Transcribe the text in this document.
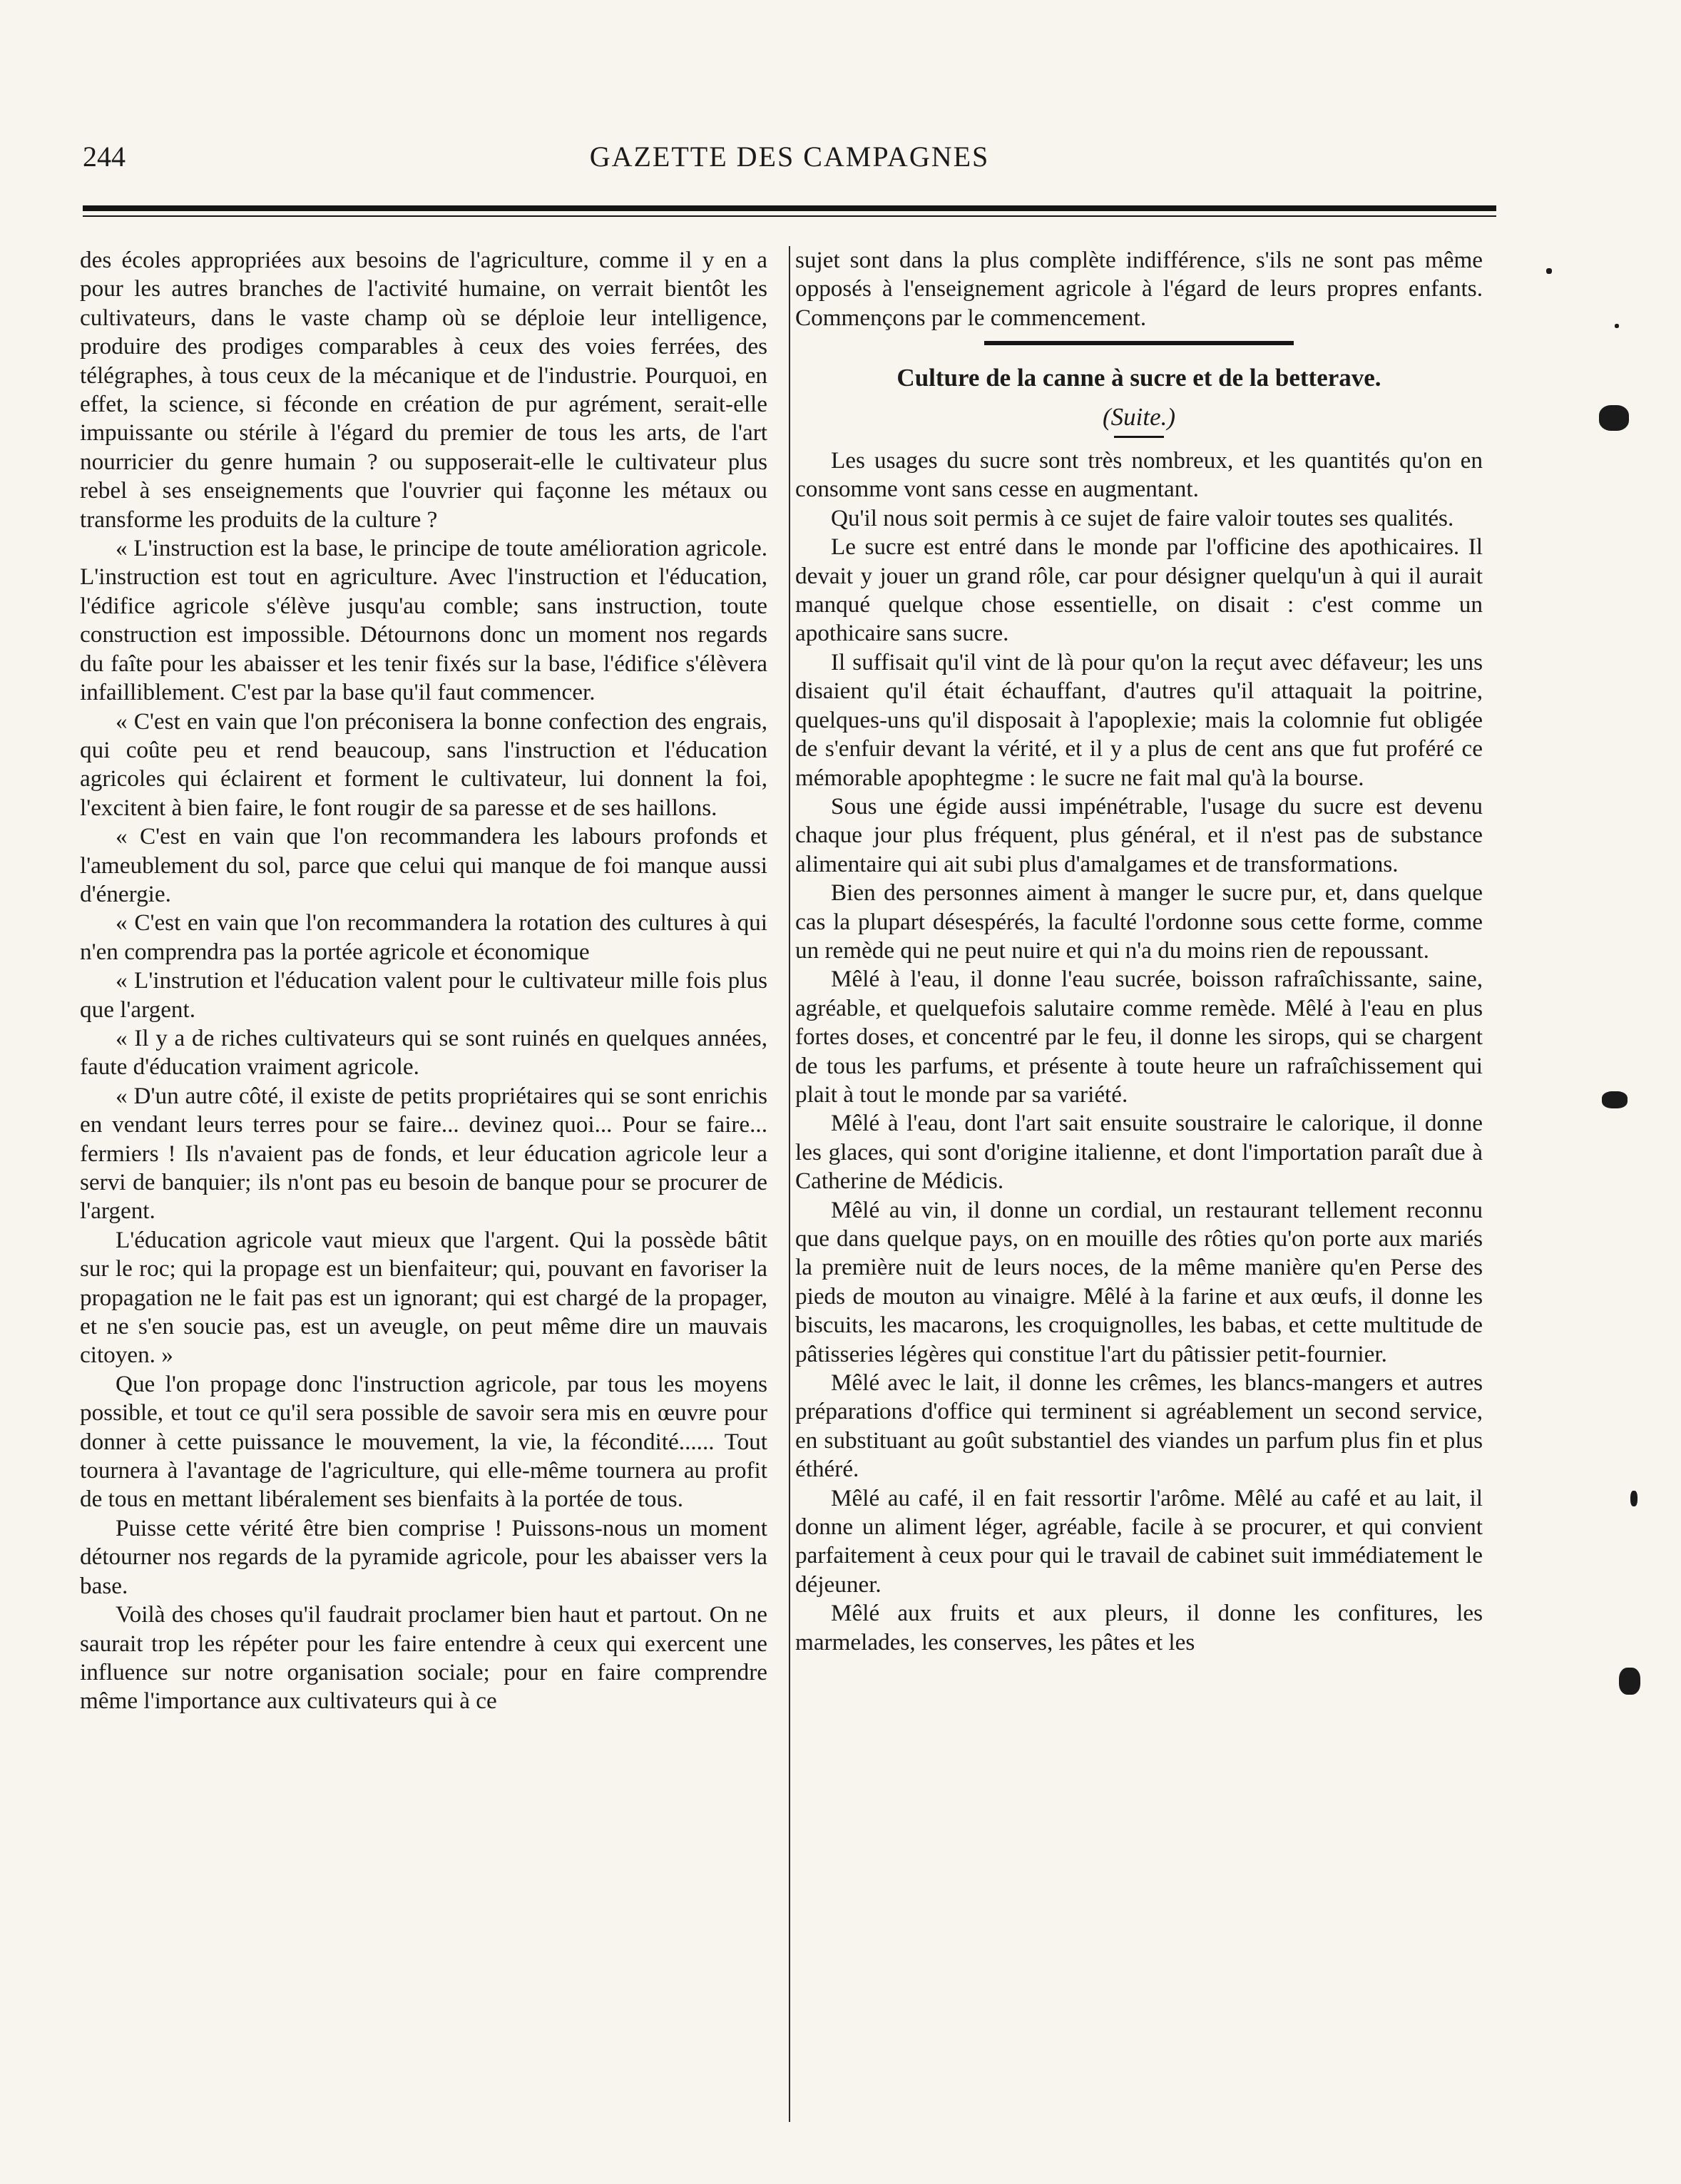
244	GAZETTE DES CAMPAGNES

des écoles appropriées aux besoins de l'agriculture, comme il y en a pour les autres branches de l'activité humaine, on verrait bientôt les cultivateurs, dans le vaste champ où se déploie leur intelligence, produire des prodiges comparables à ceux des voies ferrées, des télégraphes, à tous ceux de la mécanique et de l'industrie. Pourquoi, en effet, la science, si féconde en création de pur agrément, serait-elle impuissante ou stérile à l'égard du premier de tous les arts, de l'art nourricier du genre humain ? ou supposerait-elle le cultivateur plus rebel à ses enseignements que l'ouvrier qui façonne les métaux ou transforme les produits de la culture ?

« L'instruction est la base, le principe de toute amélioration agricole. L'instruction est tout en agriculture. Avec l'instruction et l'éducation, l'édifice agricole s'élève jusqu'au comble; sans instruction, toute construction est impossible. Détournons donc un moment nos regards du faîte pour les abaisser et les tenir fixés sur la base, l'édifice s'élèvera infailliblement. C'est par la base qu'il faut commencer.

« C'est en vain que l'on préconisera la bonne confection des engrais, qui coûte peu et rend beaucoup, sans l'instruction et l'éducation agricoles qui éclairent et forment le cultivateur, lui donnent la foi, l'excitent à bien faire, le font rougir de sa paresse et de ses haillons.

« C'est en vain que l'on recommandera les labours profonds et l'ameublement du sol, parce que celui qui manque de foi manque aussi d'énergie.

« C'est en vain que l'on recommandera la rotation des cultures à qui n'en comprendra pas la portée agricole et économique

« L'instrution et l'éducation valent pour le cultivateur mille fois plus que l'argent.

« Il y a de riches cultivateurs qui se sont ruinés en quelques années, faute d'éducation vraiment agricole.

« D'un autre côté, il existe de petits propriétaires qui se sont enrichis en vendant leurs terres pour se faire... devinez quoi... Pour se faire... fermiers ! Ils n'avaient pas de fonds, et leur éducation agricole leur a servi de banquier; ils n'ont pas eu besoin de banque pour se procurer de l'argent.

L'éducation agricole vaut mieux que l'argent. Qui la possède bâtit sur le roc; qui la propage est un bienfaiteur; qui, pouvant en favoriser la propagation ne le fait pas est un ignorant; qui est chargé de la propager, et ne s'en soucie pas, est un aveugle, on peut même dire un mauvais citoyen. »

Que l'on propage donc l'instruction agricole, par tous les moyens possible, et tout ce qu'il sera possible de savoir sera mis en œuvre pour donner à cette puissance le mouvement, la vie, la fécondité...... Tout tournera à l'avantage de l'agriculture, qui elle-même tournera au profit de tous en mettant libéralement ses bienfaits à la portée de tous.

Puisse cette vérité être bien comprise ! Puissons-nous un moment détourner nos regards de la pyramide agricole, pour les abaisser vers la base.

Voilà des choses qu'il faudrait proclamer bien haut et partout. On ne saurait trop les répéter pour les faire entendre à ceux qui exercent une influence sur notre organisation sociale; pour en faire comprendre même l'importance aux cultivateurs qui à ce

sujet sont dans la plus complète indifférence, s'ils ne sont pas même opposés à l'enseignement agricole à l'égard de leurs propres enfants. Commençons par le commencement.

Culture de la canne à sucre et de la betterave.
(Suite.)

Les usages du sucre sont très nombreux, et les quantités qu'on en consomme vont sans cesse en augmentant.

Qu'il nous soit permis à ce sujet de faire valoir toutes ses qualités.

Le sucre est entré dans le monde par l'officine des apothicaires. Il devait y jouer un grand rôle, car pour désigner quelqu'un à qui il aurait manqué quelque chose essentielle, on disait : c'est comme un apothicaire sans sucre.

Il suffisait qu'il vint de là pour qu'on la reçut avec défaveur; les uns disaient qu'il était échauffant, d'autres qu'il attaquait la poitrine, quelques-uns qu'il disposait à l'apoplexie; mais la colomnie fut obligée de s'enfuir devant la vérité, et il y a plus de cent ans que fut proféré ce mémorable apophtegme : le sucre ne fait mal qu'à la bourse.

Sous une égide aussi impénétrable, l'usage du sucre est devenu chaque jour plus fréquent, plus général, et il n'est pas de substance alimentaire qui ait subi plus d'amalgames et de transformations.

Bien des personnes aiment à manger le sucre pur, et, dans quelque cas la plupart désespérés, la faculté l'ordonne sous cette forme, comme un remède qui ne peut nuire et qui n'a du moins rien de repoussant.

Mêlé à l'eau, il donne l'eau sucrée, boisson rafraîchissante, saine, agréable, et quelquefois salutaire comme remède. Mêlé à l'eau en plus fortes doses, et concentré par le feu, il donne les sirops, qui se chargent de tous les parfums, et présente à toute heure un rafraîchissement qui plait à tout le monde par sa variété.

Mêlé à l'eau, dont l'art sait ensuite soustraire le calorique, il donne les glaces, qui sont d'origine italienne, et dont l'importation paraît due à Catherine de Médicis.

Mêlé au vin, il donne un cordial, un restaurant tellement reconnu que dans quelque pays, on en mouille des rôties qu'on porte aux mariés la première nuit de leurs noces, de la même manière qu'en Perse des pieds de mouton au vinaigre. Mêlé à la farine et aux œufs, il donne les biscuits, les macarons, les croquignolles, les babas, et cette multitude de pâtisseries légères qui constitue l'art du pâtissier petit-fournier.

Mêlé avec le lait, il donne les crêmes, les blancs-mangers et autres préparations d'office qui terminent si agréablement un second service, en substituant au goût substantiel des viandes un parfum plus fin et plus éthéré.

Mêlé au café, il en fait ressortir l'arôme. Mêlé au café et au lait, il donne un aliment léger, agréable, facile à se procurer, et qui convient parfaitement à ceux pour qui le travail de cabinet suit immédiatement le déjeuner.

Mêlé aux fruits et aux pleurs, il donne les confitures, les marmelades, les conserves, les pâtes et les
